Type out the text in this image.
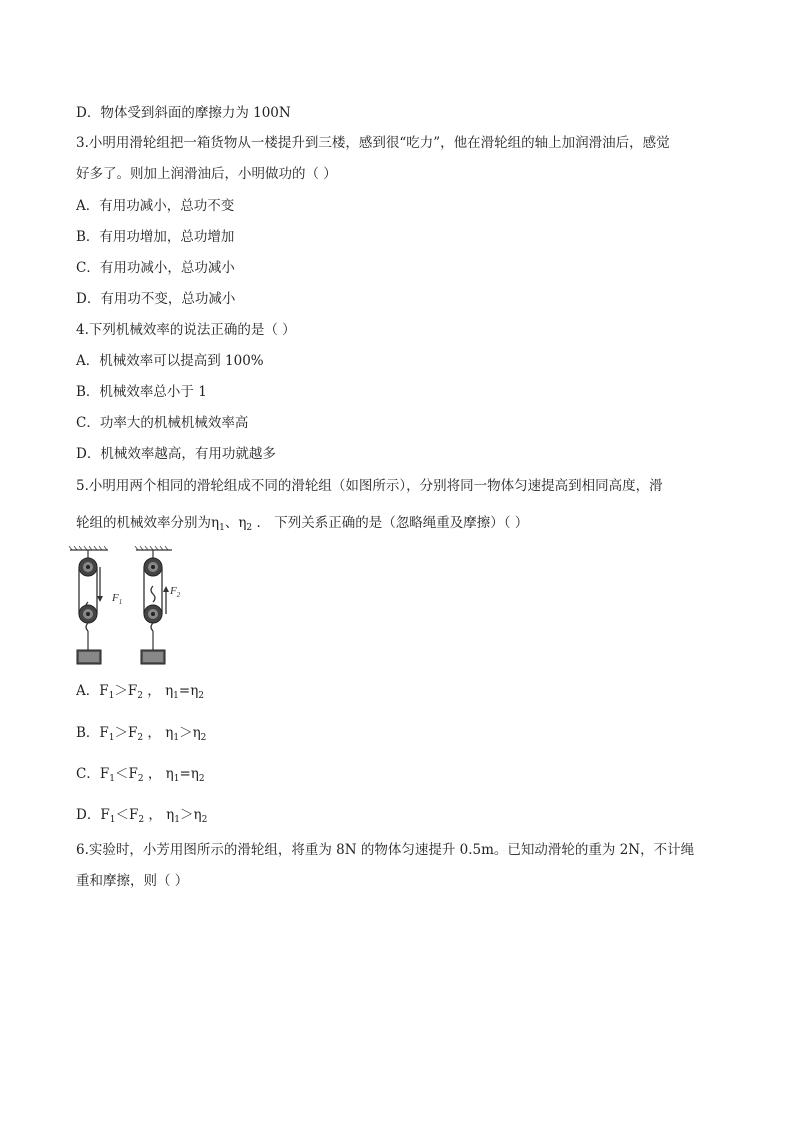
D．物体受到斜面的摩擦力为 100N
3.小明用滑轮组把一箱货物从一楼提升到三楼，感到很“吃力”，他在滑轮组的轴上加润滑油后，感觉
好多了。则加上润滑油后，小明做功的（ ）
A．有用功减小，总功不变
B．有用功增加，总功增加
C．有用功减小，总功减小
D．有用功不变，总功减小
4.下列机械效率的说法正确的是（ ）
A．机械效率可以提高到 100%
B．机械效率总小于 1
C．功率大的机械机械效率高
D．机械效率越高，有用功就越多
5.小明用两个相同的滑轮组成不同的滑轮组（如图所示），分别将同一物体匀速提高到相同高度，滑
轮组的机械效率分别为$\eta_1$、$\eta_2$ ． 下列关系正确的是（忽略绳重及摩擦）（ ）
$F_1$
$F_2$
A．$F_1>F_2$ ， $\eta_1=\eta_2$
B．$F_1>F_2$ ， $\eta_1>\eta_2$
C．$F_1<F_2$ ， $\eta_1=\eta_2$
D．$F_1<F_2$ ， $\eta_1>\eta_2$
6.实验时，小芳用图所示的滑轮组，将重为 8N 的物体匀速提升 0.5m。已知动滑轮的重为 2N，不计绳
重和摩擦，则（ ）
